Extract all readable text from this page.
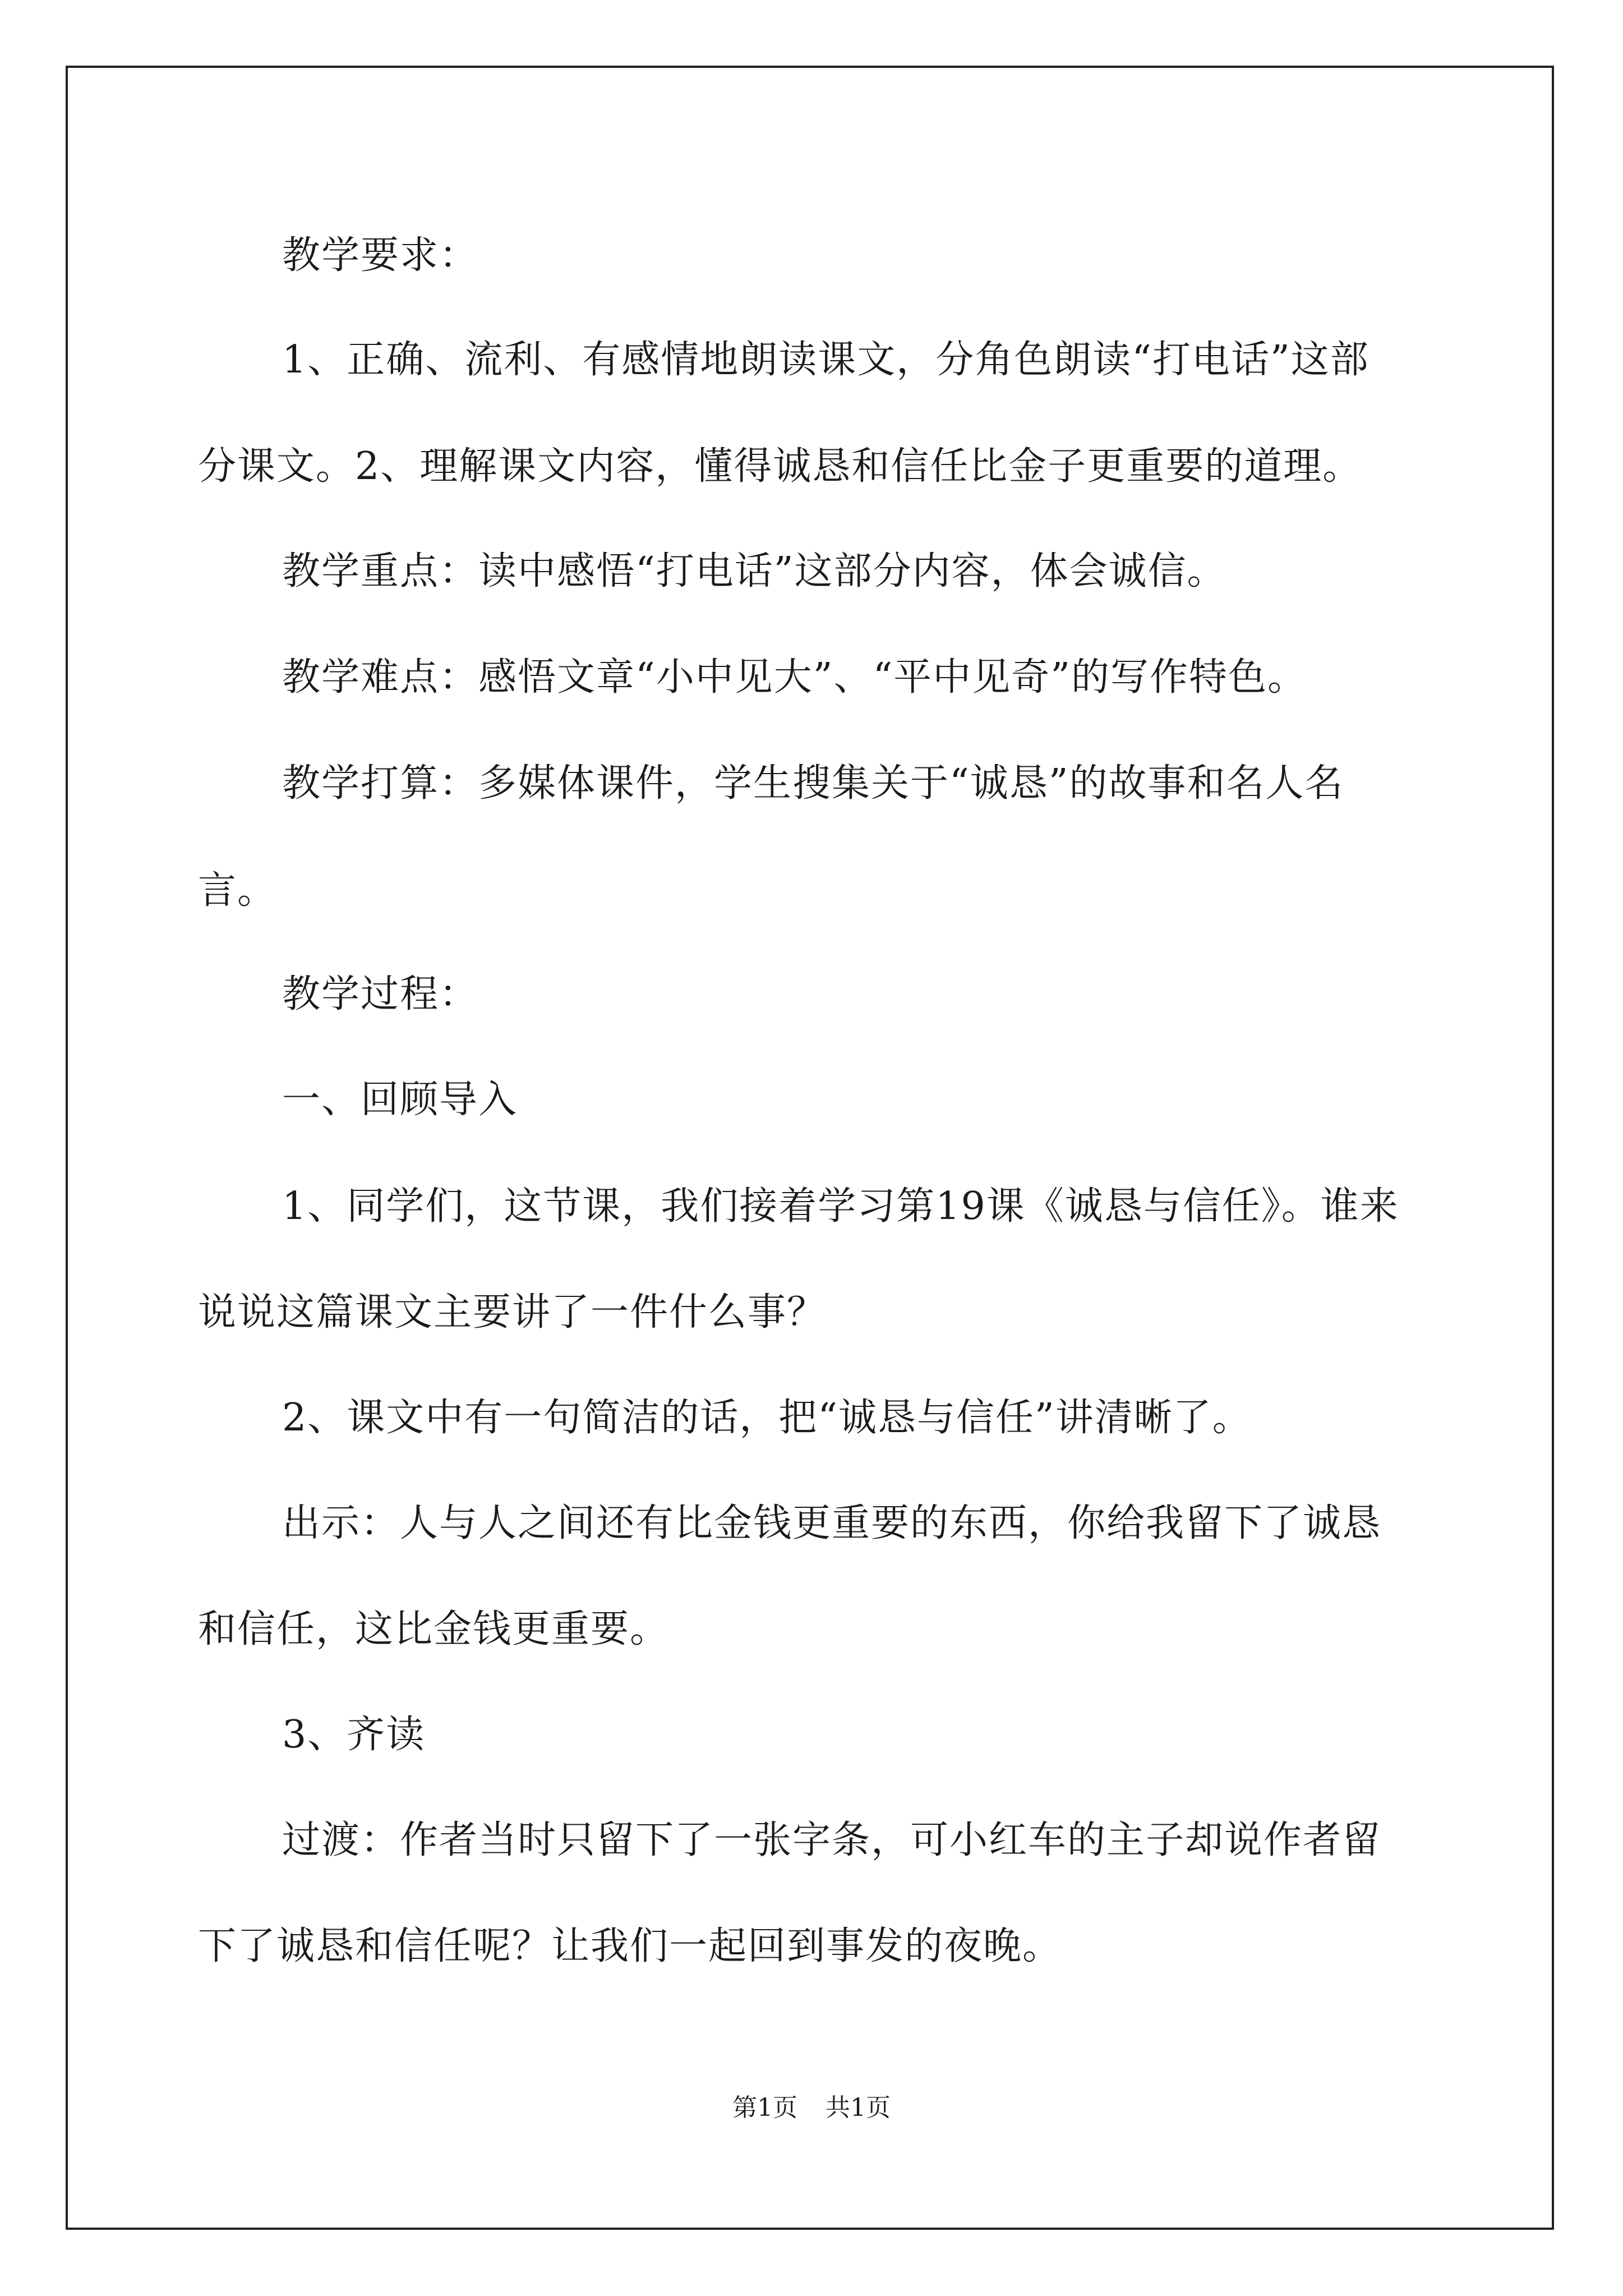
教学要求：
1、正确、流利、有感情地朗读课文，分角色朗读“打电话”这部
分课文。2、理解课文内容，懂得诚恳和信任比金子更重要的道理。
教学重点：读中感悟“打电话”这部分内容，体会诚信。
教学难点：感悟文章“小中见大”、“平中见奇”的写作特色。
教学打算：多媒体课件，学生搜集关于“诚恳”的故事和名人名
言。
教学过程：
一、回顾导入
1、同学们，这节课，我们接着学习第19课《诚恳与信任》。谁来
说说这篇课文主要讲了一件什么事？
2、课文中有一句简洁的话，把“诚恳与信任”讲清晰了。
出示：人与人之间还有比金钱更重要的东西，你给我留下了诚恳
和信任，这比金钱更重要。
3、齐读
过渡：作者当时只留下了一张字条，可小红车的主子却说作者留
下了诚恳和信任呢？让我们一起回到事发的夜晚。
第1页 共1页
